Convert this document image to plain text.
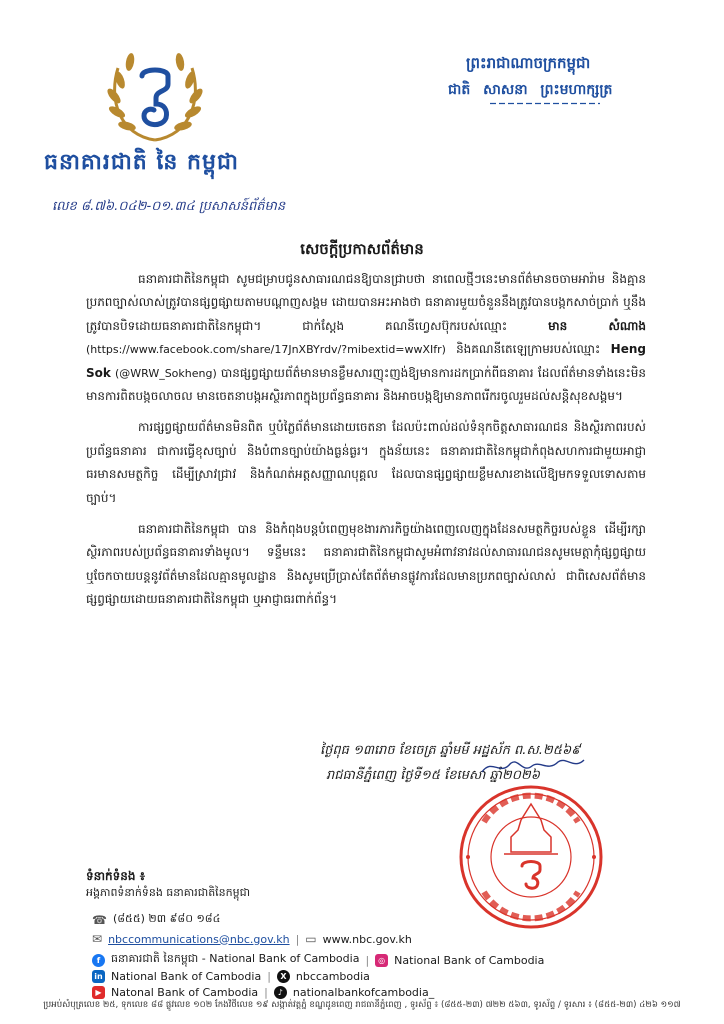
ធនាគារជាតិ នៃ កម្ពុជា
លេខ ៨.៧៦.០៤២-០១.៣៤ ប្រសាសន៍ព័ត៌មាន
ព្រះរាជាណាចក្រកម្ពុជា
ជាតិ សាសនា ព្រះមហាក្សត្រ
សេចក្តីប្រកាសព័ត៌មាន

ធនាគារជាតិនៃកម្ពុជា សូមជម្រាបជូនសាធារណជនឱ្យបានជ្រាបថា នាពេលថ្មីៗនេះមានព័ត៌មានចចាមអារ៉ាម និងគ្មានប្រភពច្បាស់លាស់ត្រូវបានផ្សព្វផ្សាយតាមបណ្តាញសង្គម ដោយបានអះអាងថា ធនាគារមួយចំនួននឹងត្រូវបានបង្កកសាច់ប្រាក់ ឬនឹងត្រូវបានបិទដោយធនាគារជាតិនៃកម្ពុជា។ ជាក់ស្តែង គណនីហ្វេសប៊ុករបស់ឈ្មោះ មាន សំណាង (https://www.facebook.com/share/17JnXBYrdv/?mibextid=wwXIfr) និងគណនីតេឡេក្រាមរបស់ឈ្មោះ Heng Sok (@WRW_Sokheng) បានផ្សព្វផ្សាយព័ត៌មានមានខ្លឹមសារញុះញង់ឱ្យមានការដកប្រាក់ពីធនាគារ ដែលព័ត៌មានទាំងនេះមិនមានការពិតបង្កចលាចល មានចេតនាបង្កអស្ថិរភាពក្នុងប្រព័ន្ធធនាគារ និងអាចបង្កឱ្យមានភាពរើករចូលរួមដល់សន្តិសុខសង្គម។

ការផ្សព្វផ្សាយព័ត៌មានមិនពិត ឬបំភ្លៃព័ត៌មានដោយចេតនា ដែលប៉ះពាល់ដល់ទំនុកចិត្តសាធារណជន និងស្ថិរភាពរបស់ប្រព័ន្ធធនាគារ ជាការធ្វើខុសច្បាប់ និងបំពានច្បាប់យ៉ាងធ្ងន់ធ្ងរ។ ក្នុងន័យនេះ ធនាគារជាតិនៃកម្ពុជាកំពុងសហការជាមួយអាជ្ញាធរមានសមត្ថកិច្ច ដើម្បីស្រាវជ្រាវ និងកំណត់អត្តសញ្ញាណបុគ្គល ដែលបានផ្សព្វផ្សាយខ្លឹមសារខាងលើឱ្យមកទទួលទោសតាមច្បាប់។

ធនាគារជាតិនៃកម្ពុជា បាន និងកំពុងបន្តបំពេញមុខងារភារកិច្ចយ៉ាងពេញលេញក្នុងដែនសមត្ថកិច្ចរបស់ខ្លួន ដើម្បីរក្សាស្ថិរភាពរបស់ប្រព័ន្ធធនាគារទាំងមូល។ ទន្ទឹមនេះ ធនាគារជាតិនៃកម្ពុជាសូមអំពាវនាវដល់សាធារណជនសូមមេត្តាកុំផ្សព្វផ្សាយ ឬចែកចាយបន្តនូវព័ត៌មានដែលគ្មានមូលដ្ឋាន និងសូមប្រើប្រាស់តែព័ត៌មានផ្លូវការដែលមានប្រភពច្បាស់លាស់ ជាពិសេសព័ត៌មានផ្សព្វផ្សាយដោយធនាគារជាតិនៃកម្ពុជា ឬអាជ្ញាធរពាក់ព័ន្ធ។

ថ្ងៃពុធ ១៣រោច ខែចេត្រ ឆ្នាំមមី អដ្ឋស័ក ព.ស.២៥៦៩
រាជធានីភ្នំពេញ ថ្ងៃទី១៥ ខែមេសា ឆ្នាំ២០២៦
ទំនាក់ទំនង ៖
អង្គភាពទំនាក់ទំនង ធនាគារជាតិនៃកម្ពុជា
☎ (៨៥៥) ២៣ ៩៨០ ១៨៤
✉ nbccommunications@nbc.gov.kh | ▭ www.nbc.gov.kh
f ធនាគារជាតិ នៃកម្ពុជា - National Bank of Cambodia |	◎ National Bank of Cambodia
in National Bank of Cambodia |	X nbccambodia
▶ Natonal Bank of Cambodia |	♪ nationalbankofcambodia_
ប្រអប់សំបុត្រលេខ ២៥, ទុកលេខ ៨៨ ផ្លូវលេខ ១០២ កែងវិថីលេខ ១៩ សង្កាត់វត្តភ្នំ ខណ្ឌដូនពេញ រាជធានីភ្នំពេញ , ទូរស័ព្ទ ៖ (៨៥៥-២៣) ៧២២ ៥៦៣, ទូរស័ព្ទ / ទូរសារ ៖ (៨៥៥-២៣) ៤២៦ ១១៧
